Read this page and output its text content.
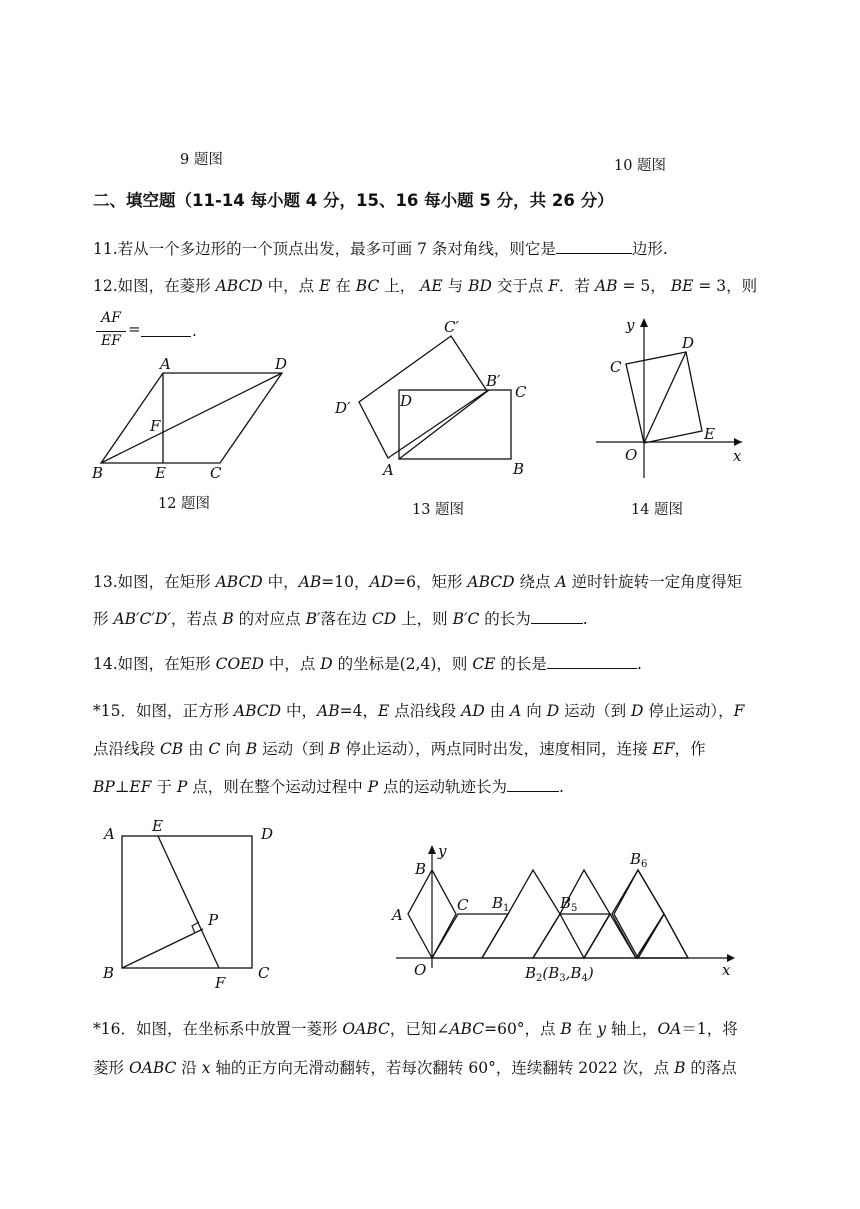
9 题图	10 题图
二、填空题（11-14 每小题 4 分，15、16 每小题 5 分，共 26 分）
11.若从一个多边形的一个顶点出发，最多可画 7 条对角线，则它是	边形.
12.如图，在菱形 ABCD 中，点 E 在 BC 上， AE 与 BD 交于点 F．若 AB = 5， BE = 3，则
AF
EF
=	.
A	D
B	E	C
F
12 题图
C′
B′
C
D
D′
A	B
13 题图
y
x
O
C
D
E
14 题图
13.如图，在矩形 ABCD 中，AB=10，AD=6，矩形 ABCD 绕点 A 逆时针旋转一定角度得矩
形 AB′C′D′，若点 B 的对应点 B′落在边 CD 上，则 B′C 的长为	.
14.如图，在矩形 COED 中，点 D 的坐标是(2,4)，则 CE 的长是	.
*15．如图，正方形 ABCD 中，AB=4，E 点沿线段 AD 由 A 向 D 运动（到 D 停止运动），F
点沿线段 CB 由 C 向 B 运动（到 B 停止运动），两点同时出发，速度相同，连接 EF，作
BP⊥EF 于 P 点，则在整个运动过程中 P 点的运动轨迹长为	.
A E	D
P
B
F
C
y
x
O
A
B
C $B_1$	$B_5$
$B_6$
$B_2(B_3,B_4)$
*16．如图，在坐标系中放置一菱形 OABC，已知∠ABC=60°，点 B 在 y 轴上，OA＝1，将
菱形 OABC 沿 x 轴的正方向无滑动翻转，若每次翻转 60°，连续翻转 2022 次，点 B 的落点
